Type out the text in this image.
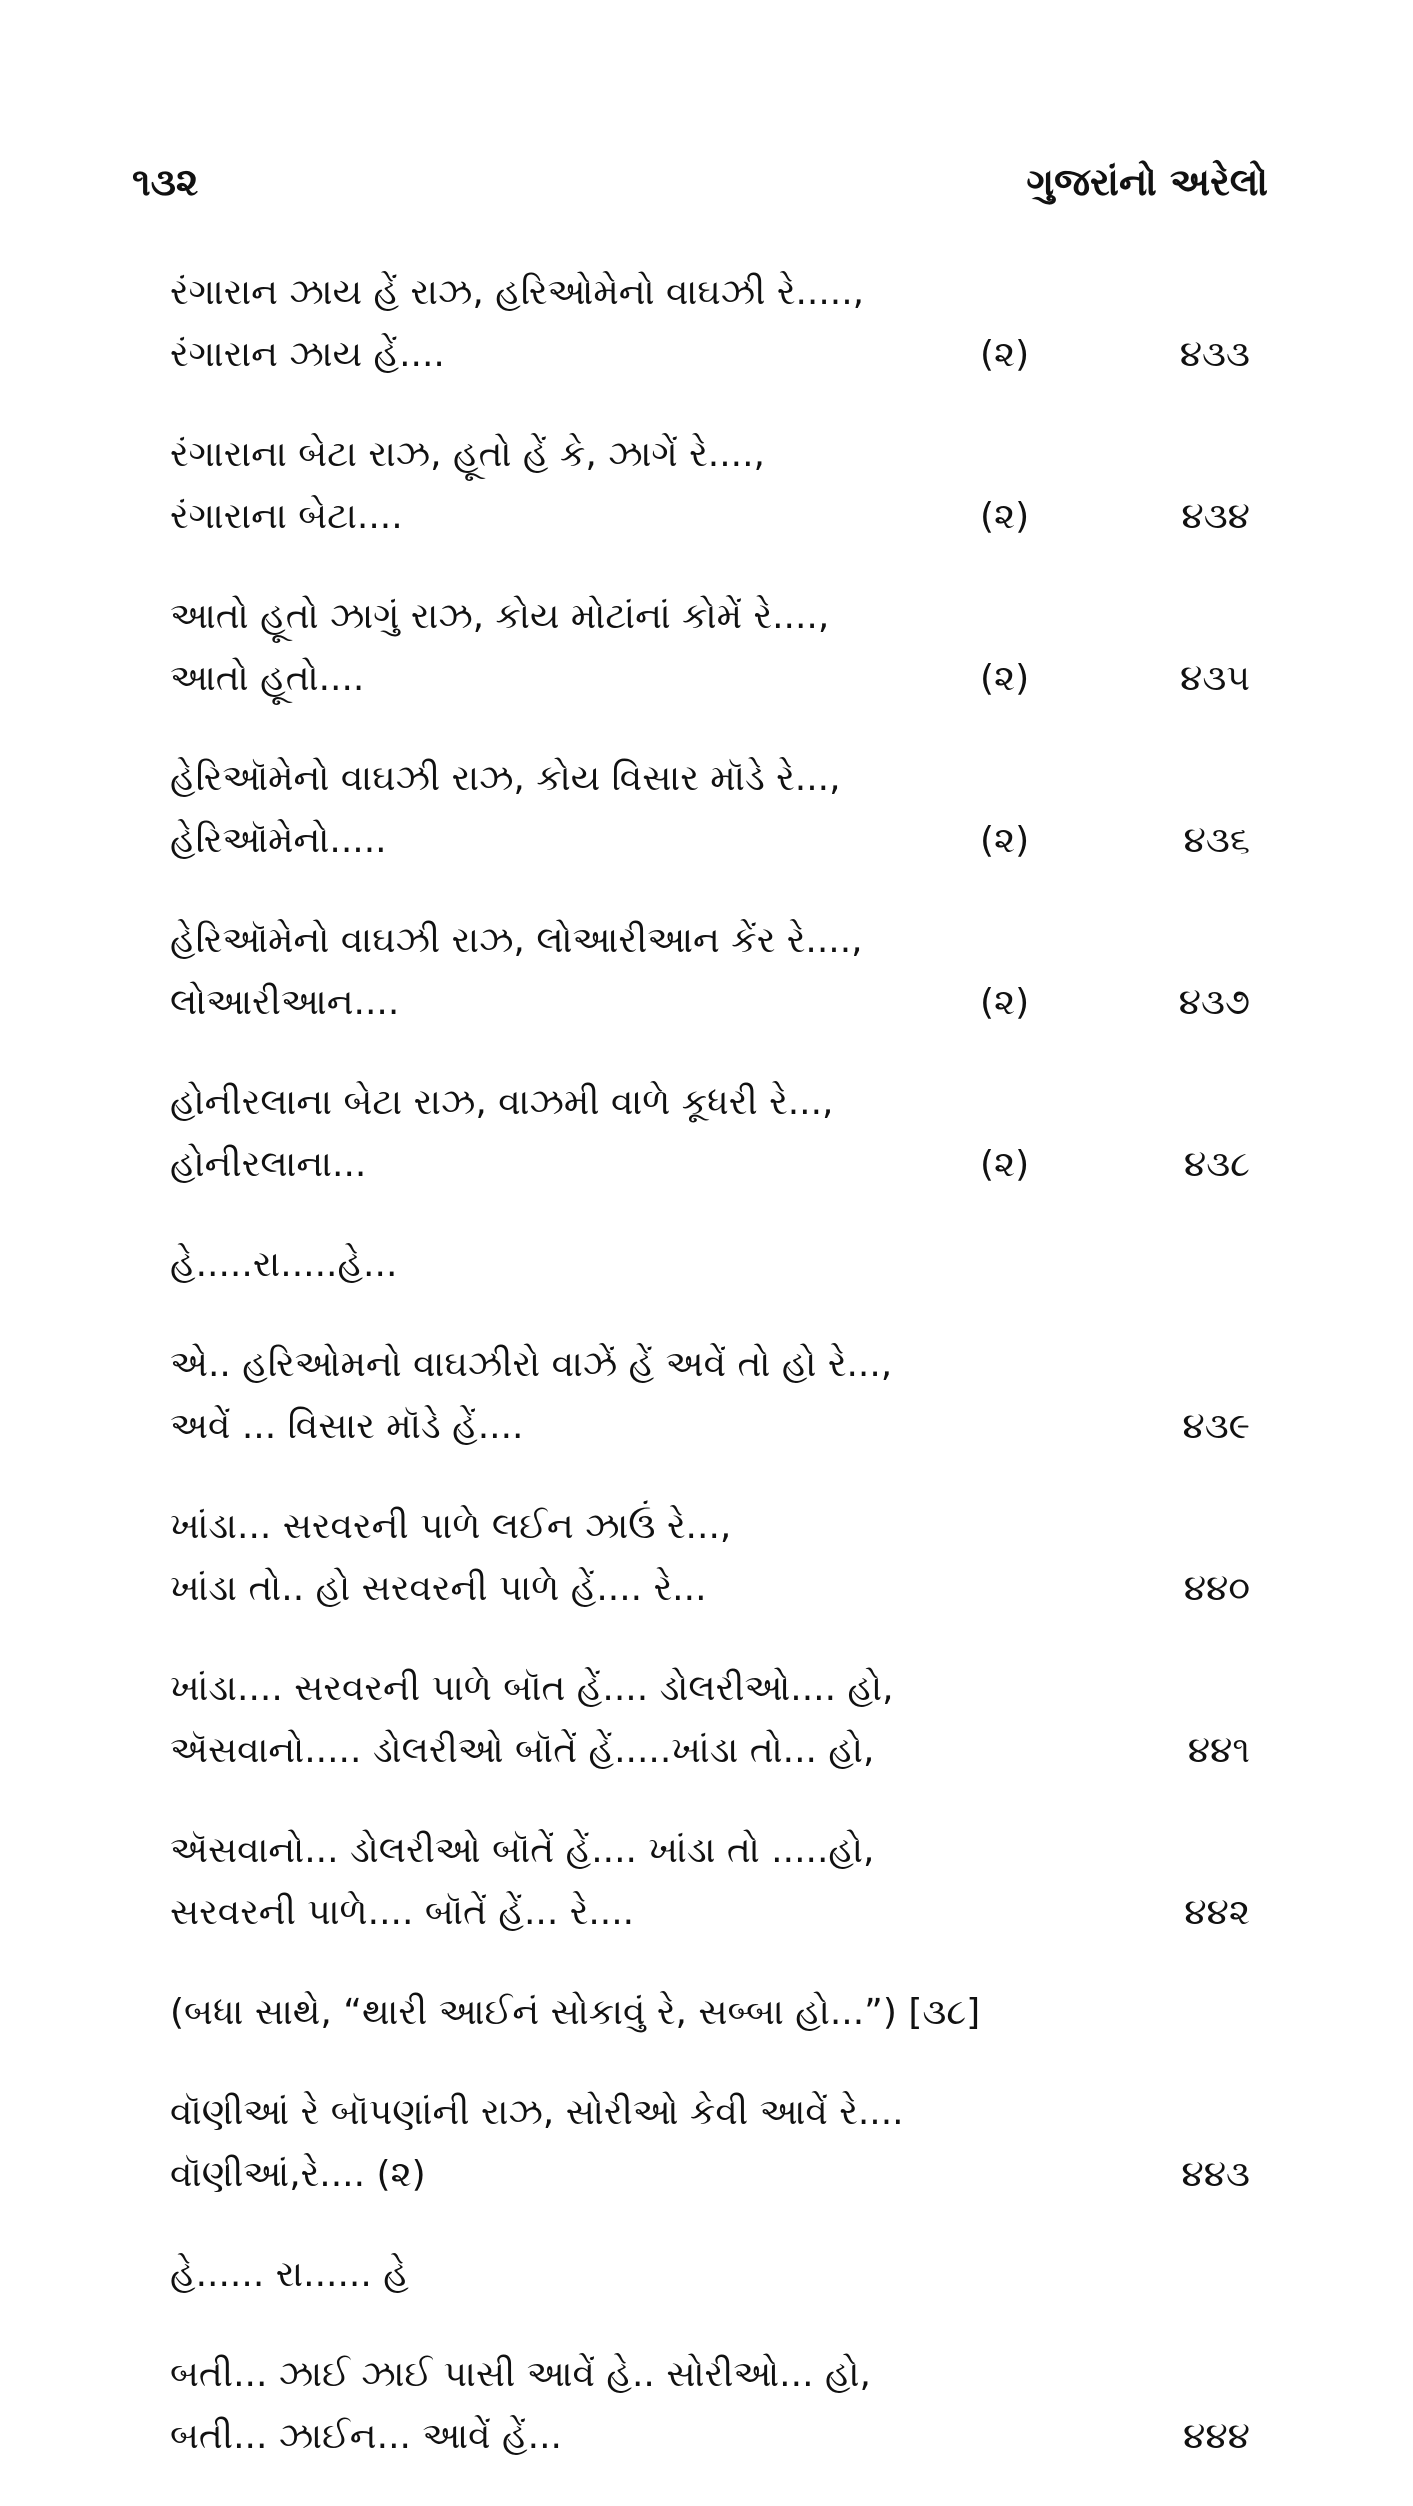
૧૩૨	ગુજરાંનો અરેલો
રંગારાન ઝાય હેં રાઝ, હરિઓમેનો વાઘઝી રે.....,
રંગારાન ઝાય હેં....	(૨)	૪૩૩
રંગારાના બેટા રાઝ, હૂતો હેં કે, ઝાગેં રે....,
રંગારાના બેટા....	(૨)	૪૩૪
આતો હૂતો ઝાગું રાઝ, કોય મોટાંનાં કોમેં રે....,
આતો હૂતો....	(૨)	૪૩૫
હેરિઑમેનો વાઘઝી રાઝ, કોય વિસાર મૉડે રે...,
હેરિઑમેનો.....	(૨)	૪૩૬
હેરિઑમેનો વાઘઝી રાઝ, લોઆરીઆન કેંર રે....,
લોઆરીઆન....	(૨)	૪૩૭
હોનીરલાના બેટા રાઝ, વાઝમી વાળે કૂધરી રે...,
હોનીરલાના...	(૨)	૪૩૮
હે.....રા.....હે...
એ.. હરિઓમનો વાઘઝીરો વાઝેં હેં અવેં તો હો રે...,
અવેં ... વિસાર મૉડે હેં....	૪૩૯
ખાંડા... સરવરની પાળે લઈન ઝાઉં રે...,
ખાંડા તો.. હો સરવરની પાળે હેં.... રે...	૪૪૦
ખાંડા.... સરવરની પાળે બૉત હેં.... ડોલરીઓ.... હો,
ઍસવાનો..... ડોલરીઓ બૉતેં હેં.....ખાંડા તો... હો,	૪૪૧
ઍસવાનો... ડોલરીઓ બૉતેં હેં.... ખાંડા તો .....હો,
સરવરની પાળે.... બૉતેં હેં... રે....	૪૪૨
(બધા સાથે, “થારી આઈનં સોકાવું રે, સબ્બા હો...”) [૩૮]
વૉણીઆં રે બૉપણાંની રાઝ, સોરીઓ કેવી આવેં રે....
વૉણીઆં,રે.... (૨)	૪૪૩
હે...... રા...... હે
બતી... ઝાઈ ઝાઈ પાસી આવેં હે.. સોરીઓ... હો,
બતી... ઝાઈન... આવેં હેં...	૪૪૪
